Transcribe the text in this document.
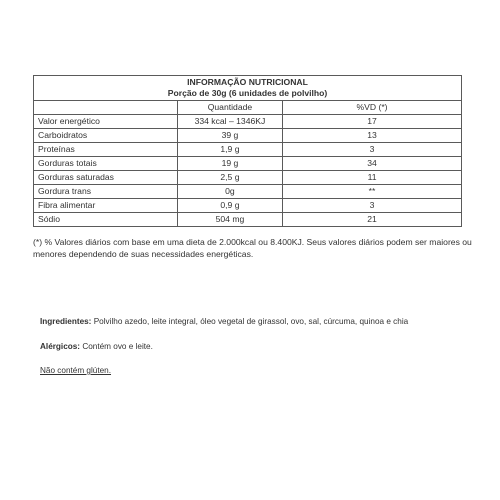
INFORMAÇÃO NUTRICIONAL
Porção de 30g (6 unidades de polvilho)		

	Quantidade	%VD (*)
Valor energético	334 kcal – 1346KJ	17
Carboidratos	39 g	13
Proteínas	1,9 g	3
Gorduras totais	19 g	34
Gorduras saturadas	2,5 g	11
Gordura trans	0g	**
Fibra alimentar	0,9 g	3
Sódio	504 mg	21
(*) % Valores diários com base em uma dieta de 2.000kcal ou 8.400KJ. Seus valores diários podem ser maiores ou menores dependendo de suas necessidades energéticas.
Ingredientes: Polvilho azedo, leite integral, óleo vegetal de girassol, ovo, sal, cúrcuma, quinoa e chia
Alérgicos: Contém ovo e leite.
Não contém glúten.
